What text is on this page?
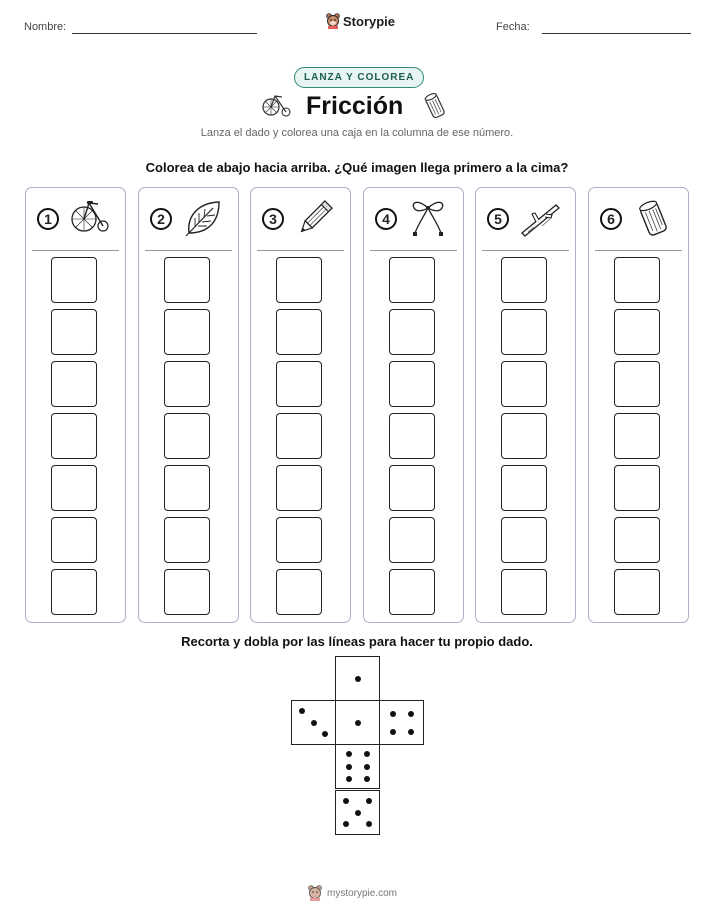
Nombre:	Storypie	Fecha:
LANZA Y COLOREA
Fricción
Lanza el dado y colorea una caja en la columna de ese número.
Colorea de abajo hacia arriba. ¿Qué imagen llega primero a la cima?
1	2	3	4	5	6
Recorta y dobla por las líneas para hacer tu propio dado.
mystorypie.com
